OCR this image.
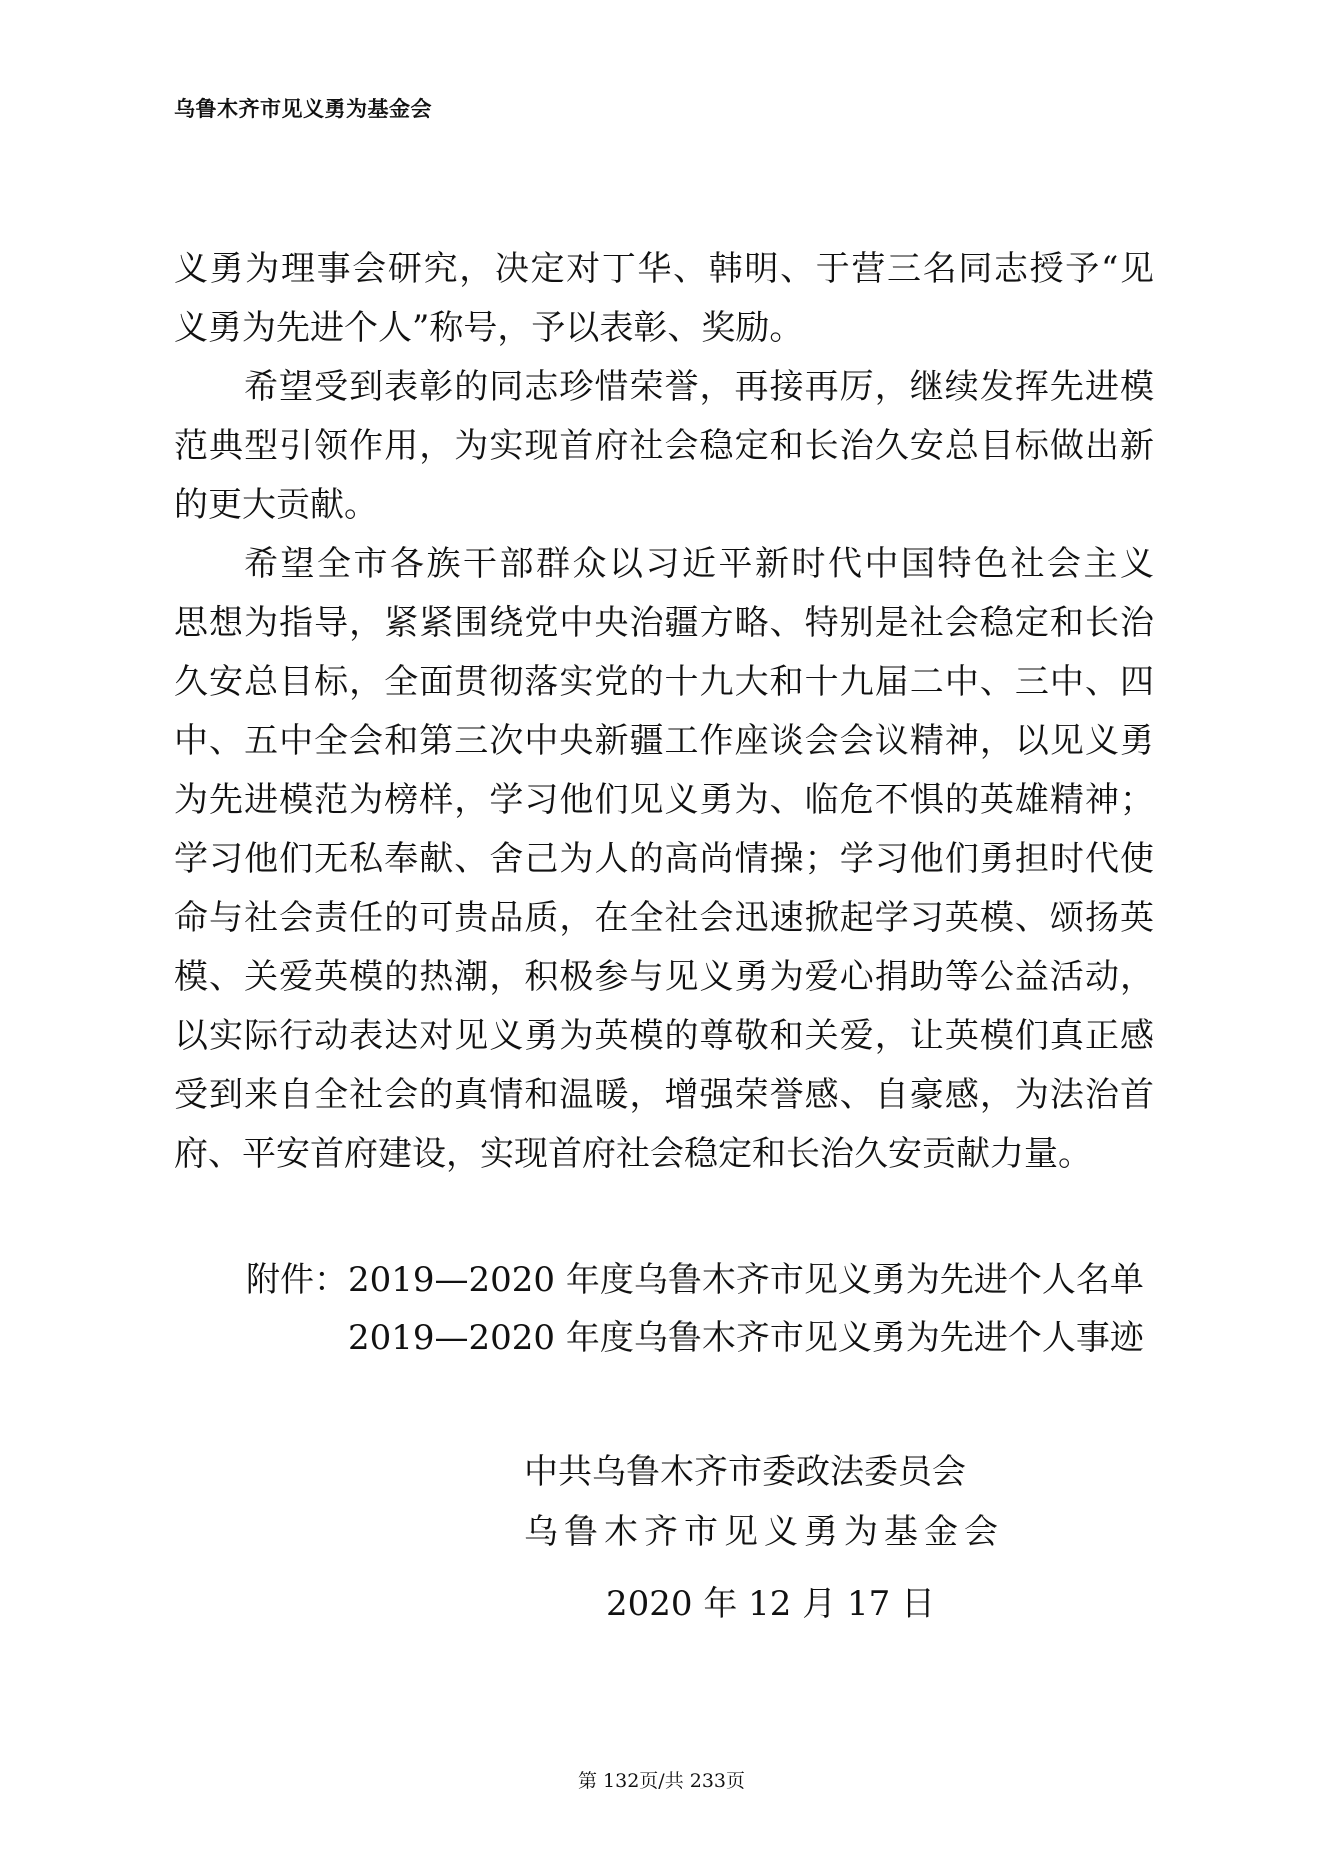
乌鲁木齐市见义勇为基金会
义勇为理事会研究，决定对丁华、韩明、于营三名同志授予“见
义勇为先进个人”称号，予以表彰、奖励。
希望受到表彰的同志珍惜荣誉，再接再厉，继续发挥先进模
范典型引领作用，为实现首府社会稳定和长治久安总目标做出新
的更大贡献。
希望全市各族干部群众以习近平新时代中国特色社会主义
思想为指导，紧紧围绕党中央治疆方略、特别是社会稳定和长治
久安总目标，全面贯彻落实党的十九大和十九届二中、三中、四
中、五中全会和第三次中央新疆工作座谈会会议精神，以见义勇
为先进模范为榜样，学习他们见义勇为、临危不惧的英雄精神；
学习他们无私奉献、舍己为人的高尚情操；学习他们勇担时代使
命与社会责任的可贵品质，在全社会迅速掀起学习英模、颂扬英
模、关爱英模的热潮，积极参与见义勇为爱心捐助等公益活动，
以实际行动表达对见义勇为英模的尊敬和关爱，让英模们真正感
受到来自全社会的真情和温暖，增强荣誉感、自豪感，为法治首
府、平安首府建设，实现首府社会稳定和长治久安贡献力量。
附件：2019—2020 年度乌鲁木齐市见义勇为先进个人名单
2019—2020 年度乌鲁木齐市见义勇为先进个人事迹
中共乌鲁木齐市委政法委员会
乌鲁木齐市见义勇为基金会
2020 年 12 月 17 日
第 132页/共 233页
